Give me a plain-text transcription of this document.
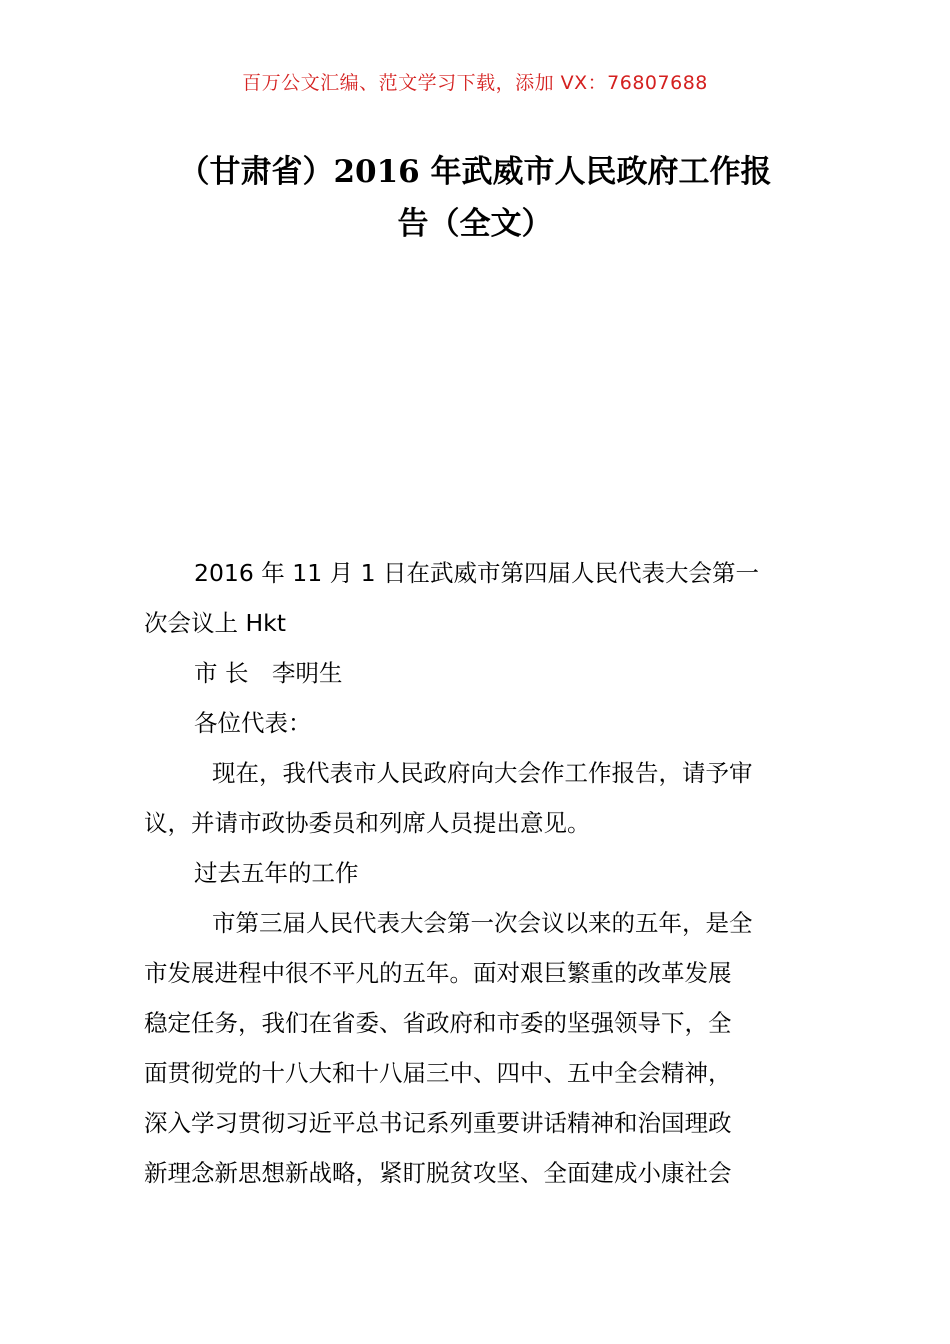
百万公文汇编、范文学习下载，添加 VX：76807688
（甘肃省）2016 年武威市人民政府工作报
告（全文）

2016 年 11 月 1 日在武威市第四届人民代表大会第一

次会议上 Hkt

市 长　李明生

各位代表：

现在，我代表市人民政府向大会作工作报告，请予审

议，并请市政协委员和列席人员提出意见。

过去五年的工作

市第三届人民代表大会第一次会议以来的五年，是全

市发展进程中很不平凡的五年。面对艰巨繁重的改革发展

稳定任务，我们在省委、省政府和市委的坚强领导下，全

面贯彻党的十八大和十八届三中、四中、五中全会精神，

深入学习贯彻习近平总书记系列重要讲话精神和治国理政

新理念新思想新战略，紧盯脱贫攻坚、全面建成小康社会
